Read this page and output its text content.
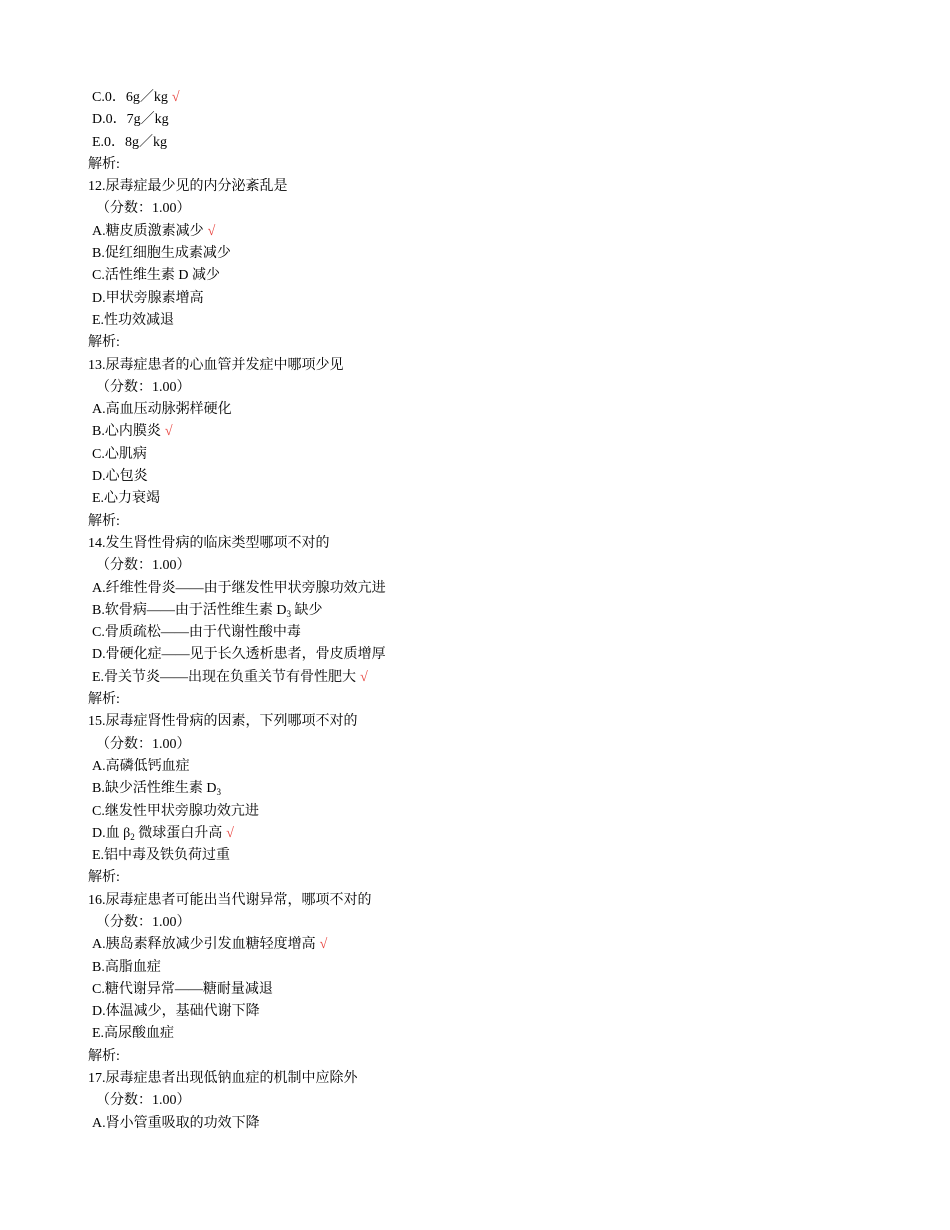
C.0．6g／kg √
D.0．7g／kg
E.0．8g／kg
解析:
12.尿毒症最少见的内分泌紊乱是
（分数：1.00）
A.糖皮质激素减少 √
B.促红细胞生成素减少
C.活性维生素 D 减少
D.甲状旁腺素增高
E.性功效减退
解析:
13.尿毒症患者的心血管并发症中哪项少见
（分数：1.00）
A.高血压动脉粥样硬化
B.心内膜炎 √
C.心肌病
D.心包炎
E.心力衰竭
解析:
14.发生肾性骨病的临床类型哪项不对的
（分数：1.00）
A.纤维性骨炎——由于继发性甲状旁腺功效亢进
B.软骨病——由于活性维生素 $D_3$ 缺少
C.骨质疏松——由于代谢性酸中毒
D.骨硬化症——见于长久透析患者，骨皮质增厚
E.骨关节炎——出现在负重关节有骨性肥大 √
解析:
15.尿毒症肾性骨病的因素，下列哪项不对的
（分数：1.00）
A.高磷低钙血症
B.缺少活性维生素 $D_3$
C.继发性甲状旁腺功效亢进
D.血 $\beta_2$ 微球蛋白升高 √
E.铝中毒及铁负荷过重
解析:
16.尿毒症患者可能出当代谢异常，哪项不对的
（分数：1.00）
A.胰岛素释放减少引发血糖轻度增高 √
B.高脂血症
C.糖代谢异常——糖耐量减退
D.体温减少，基础代谢下降
E.高尿酸血症
解析:
17.尿毒症患者出现低钠血症的机制中应除外
（分数：1.00）
A.肾小管重吸取的功效下降
